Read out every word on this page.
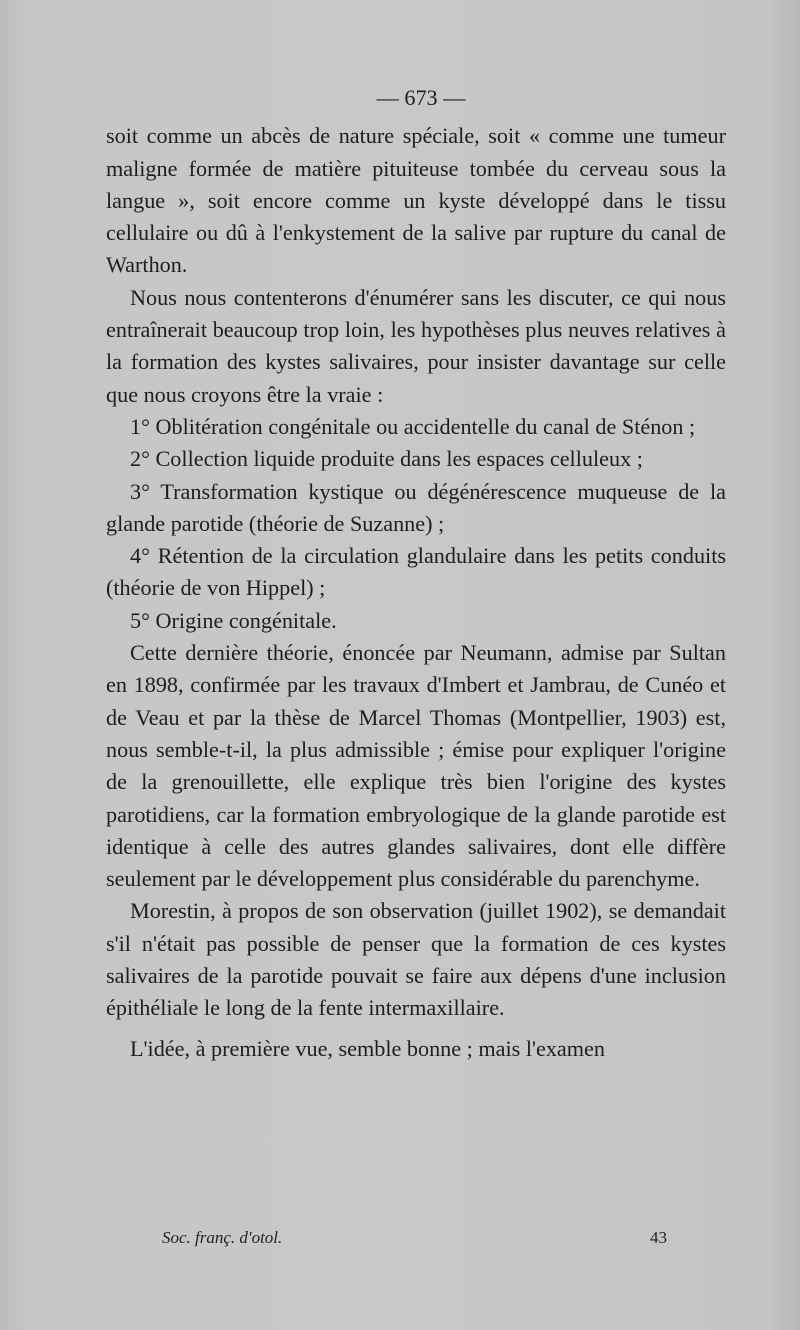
— 673 —

soit comme un abcès de nature spéciale, soit « comme une tumeur maligne formée de matière pituiteuse tombée du cerveau sous la langue », soit encore comme un kyste développé dans le tissu cellulaire ou dû à l'enkystement de la salive par rupture du canal de Warthon.

Nous nous contenterons d'énumérer sans les discuter, ce qui nous entraînerait beaucoup trop loin, les hypothèses plus neuves relatives à la formation des kystes salivaires, pour insister davantage sur celle que nous croyons être la vraie :

1° Oblitération congénitale ou accidentelle du canal de Sténon ;

2° Collection liquide produite dans les espaces celluleux ;

3° Transformation kystique ou dégénérescence muqueuse de la glande parotide (théorie de Suzanne) ;

4° Rétention de la circulation glandulaire dans les petits conduits (théorie de von Hippel) ;

5° Origine congénitale.

Cette dernière théorie, énoncée par Neumann, admise par Sultan en 1898, confirmée par les travaux d'Imbert et Jambrau, de Cunéo et de Veau et par la thèse de Marcel Thomas (Montpellier, 1903) est, nous semble-t-il, la plus admissible ; émise pour expliquer l'origine de la grenouillette, elle explique très bien l'origine des kystes parotidiens, car la formation embryologique de la glande parotide est identique à celle des autres glandes salivaires, dont elle diffère seulement par le développement plus considérable du parenchyme.

Morestin, à propos de son observation (juillet 1902), se demandait s'il n'était pas possible de penser que la formation de ces kystes salivaires de la parotide pouvait se faire aux dépens d'une inclusion épithéliale le long de la fente intermaxillaire.

L'idée, à première vue, semble bonne ; mais l'examen

Soc. franç. d'otol.	43
